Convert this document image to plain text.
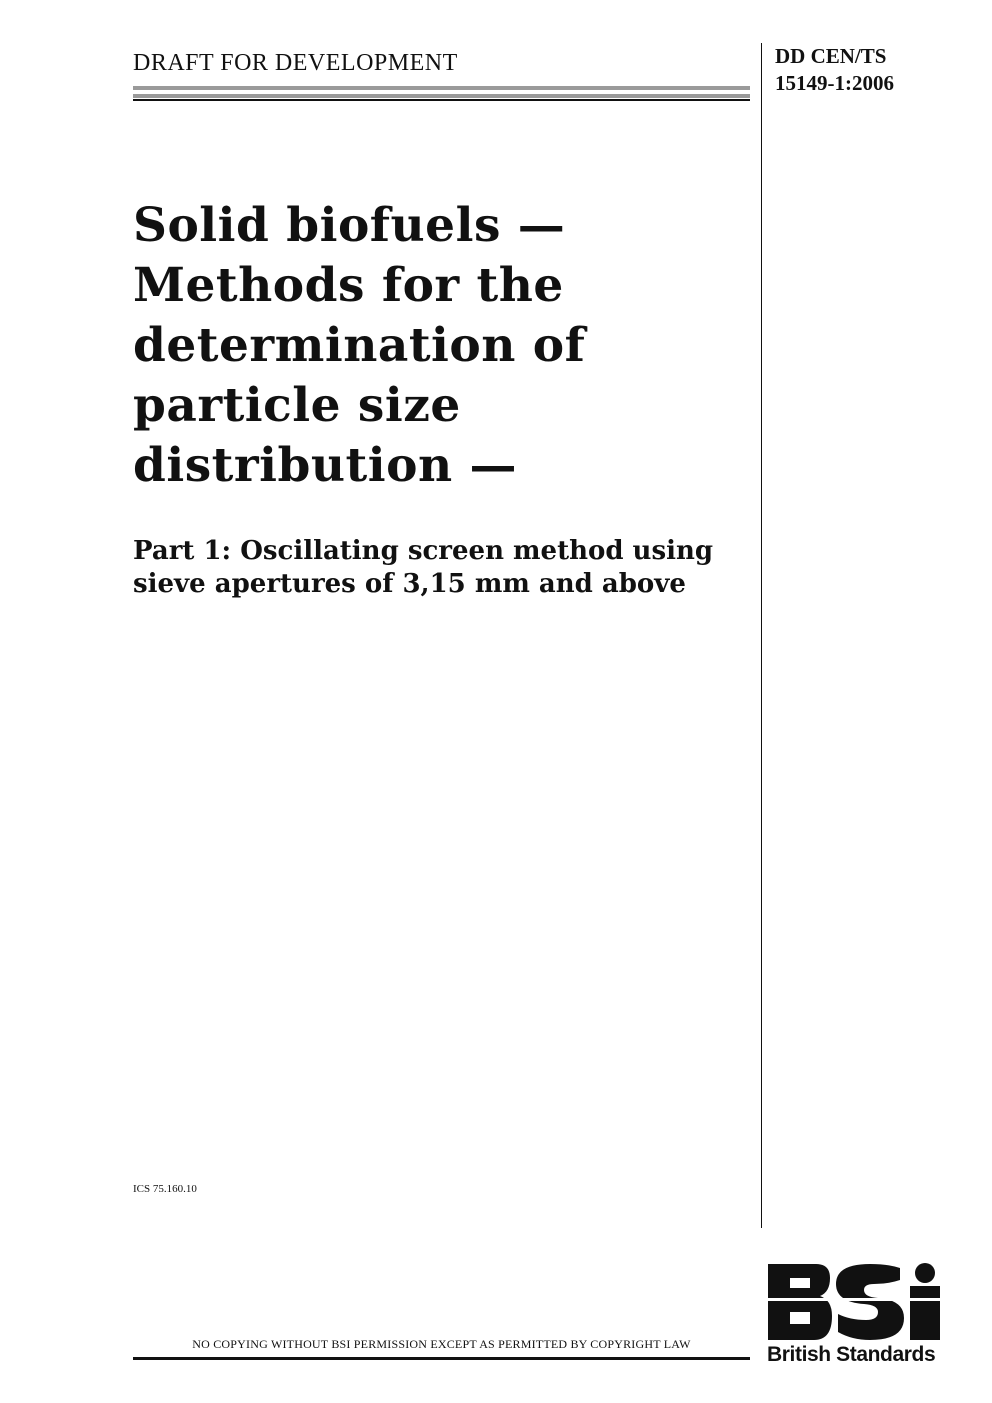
DRAFT FOR DEVELOPMENT	DD CEN/TS
15149-1:2006
Solid biofuels —
Methods for the
determination of
particle size
distribution —
Part 1: Oscillating screen method using
sieve apertures of 3,15 mm and above
ICS 75.160.10
NO COPYING WITHOUT BSI PERMISSION EXCEPT AS PERMITTED BY COPYRIGHT LAW	British Standards
